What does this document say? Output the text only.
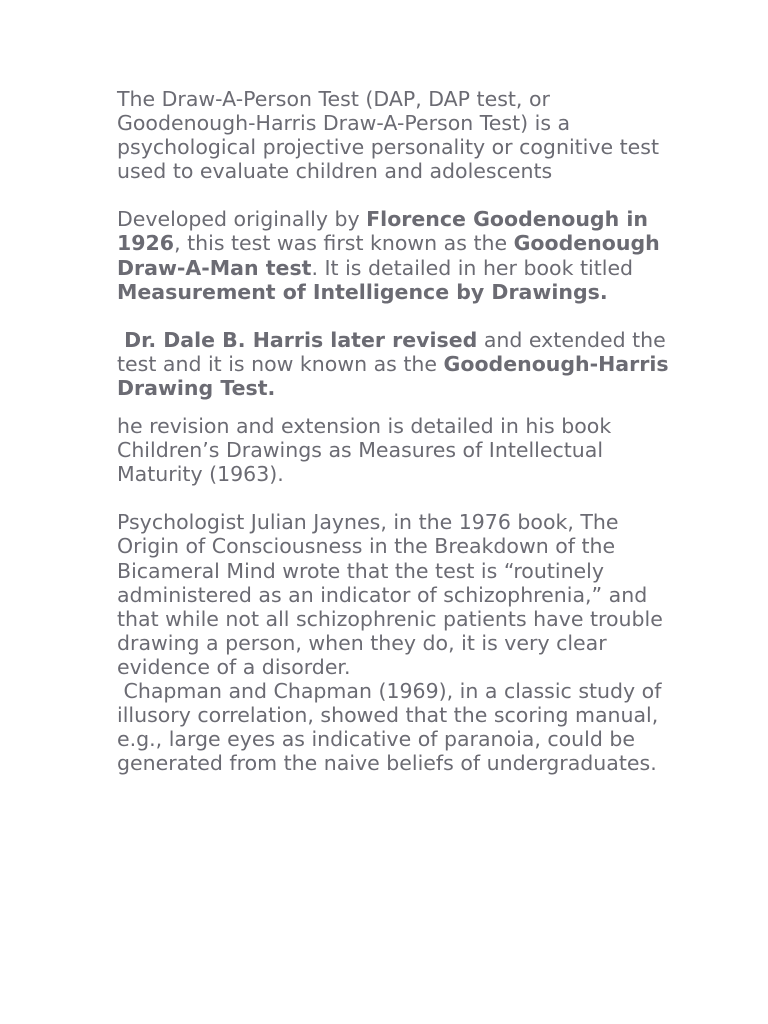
The Draw-A-Person Test (DAP, DAP test, or Goodenough-Harris Draw-A-Person Test) is a psychological projective personality or cognitive test used to evaluate children and adolescents

Developed originally by Florence Goodenough in 1926, this test was first known as the Goodenough Draw-A-Man test. It is detailed in her book titled Measurement of Intelligence by Drawings.

Dr. Dale B. Harris later revised and extended the test and it is now known as the Goodenough-Harris Drawing Test.

he revision and extension is detailed in his book Children’s Drawings as Measures of Intellectual Maturity (1963).

Psychologist Julian Jaynes, in the 1976 book, The Origin of Consciousness in the Breakdown of the Bicameral Mind wrote that the test is “routinely administered as an indicator of schizophrenia,” and that while not all schizophrenic patients have trouble drawing a person, when they do, it is very clear evidence of a disorder.

Chapman and Chapman (1969), in a classic study of illusory correlation, showed that the scoring manual, e.g., large eyes as indicative of paranoia, could be generated from the naive beliefs of undergraduates.
